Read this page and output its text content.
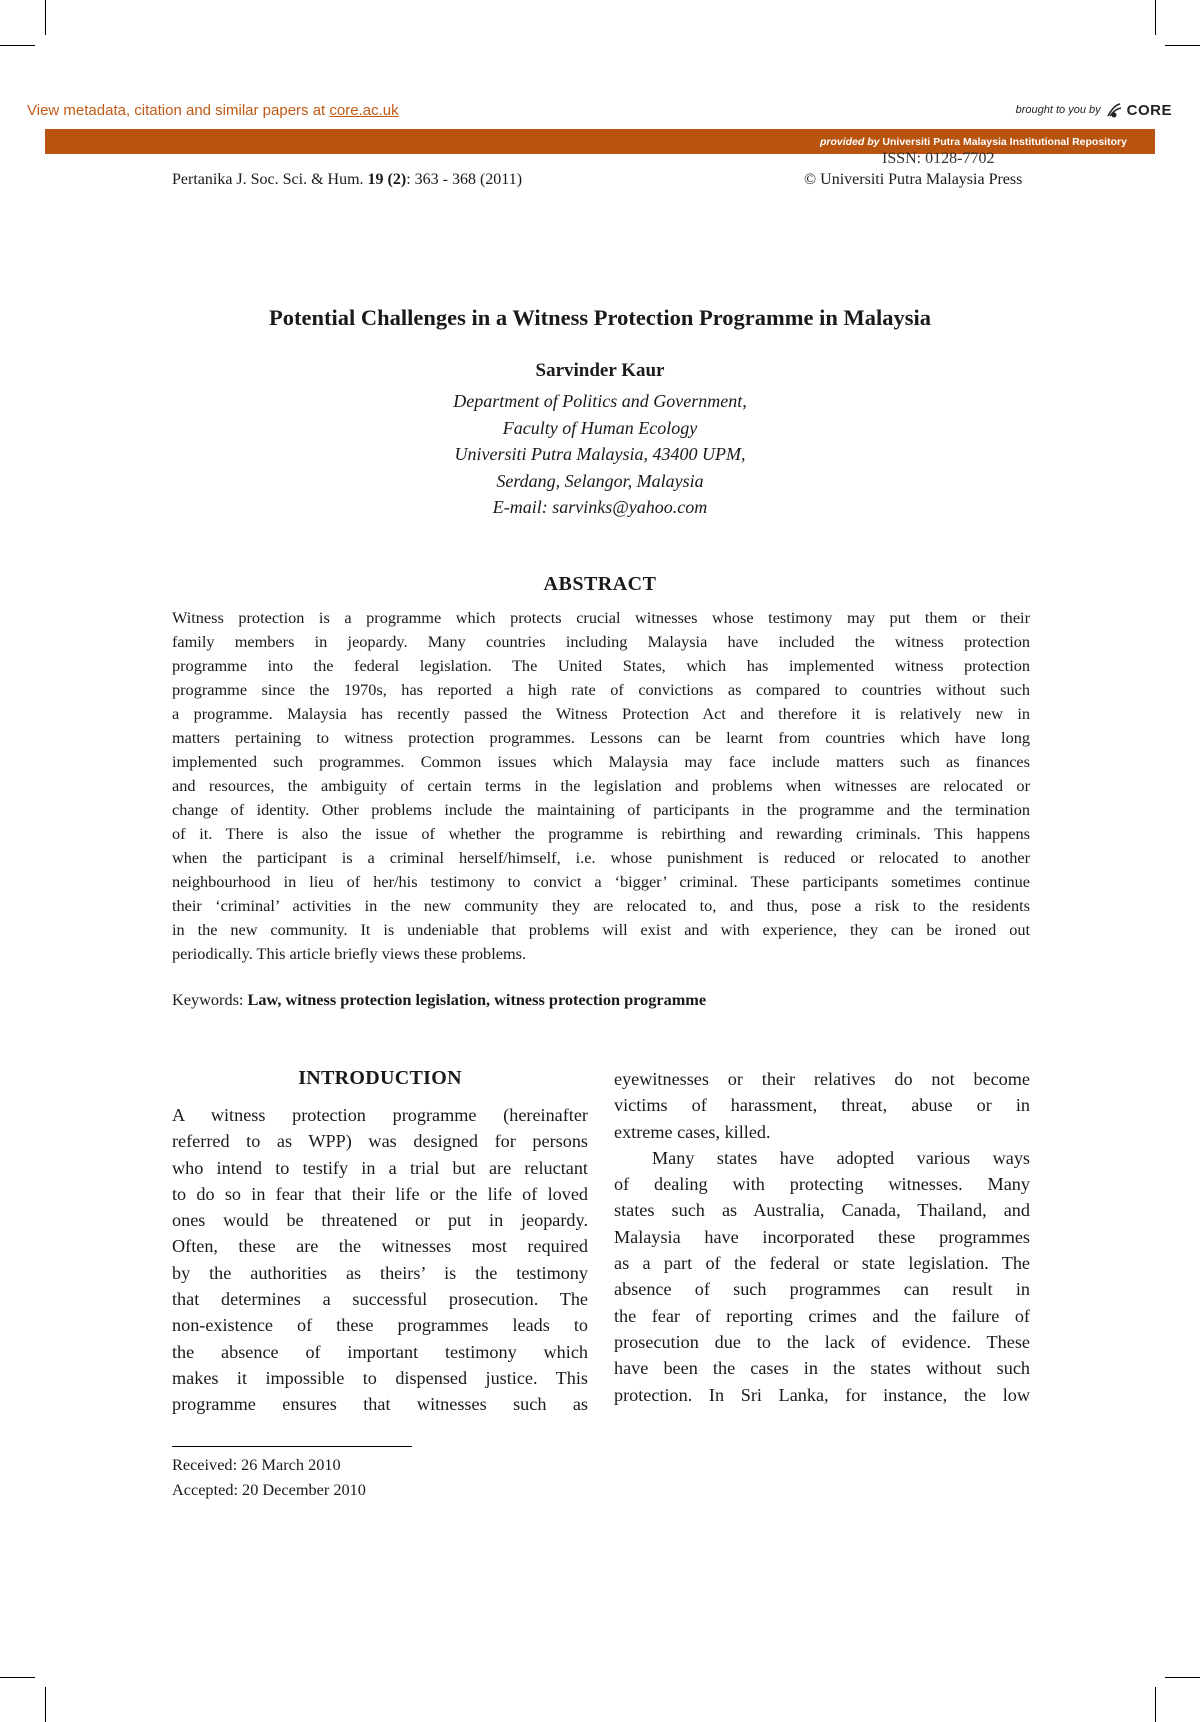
View metadata, citation and similar papers at core.ac.uk	brought to you by CORE
provided by Universiti Putra Malaysia Institutional Repository
ISSN: 0128-7702
Pertanika J. Soc. Sci. & Hum. 19 (2): 363 - 368 (2011)	© Universiti Putra Malaysia Press
Potential Challenges in a Witness Protection Programme in Malaysia
Sarvinder Kaur
Department of Politics and Government,
Faculty of Human Ecology
Universiti Putra Malaysia, 43400 UPM,
Serdang, Selangor, Malaysia
E-mail: sarvinks@yahoo.com
ABSTRACT
Witness protection is a programme which protects crucial witnesses whose testimony may put them or their
family members in jeopardy. Many countries including Malaysia have included the witness protection
programme into the federal legislation. The United States, which has implemented witness protection
programme since the 1970s, has reported a high rate of convictions as compared to countries without such
a programme. Malaysia has recently passed the Witness Protection Act and therefore it is relatively new in
matters pertaining to witness protection programmes. Lessons can be learnt from countries which have long
implemented such programmes. Common issues which Malaysia may face include matters such as finances
and resources, the ambiguity of certain terms in the legislation and problems when witnesses are relocated or
change of identity. Other problems include the maintaining of participants in the programme and the termination
of it. There is also the issue of whether the programme is rebirthing and rewarding criminals. This happens
when the participant is a criminal herself/himself, i.e. whose punishment is reduced or relocated to another
neighbourhood in lieu of her/his testimony to convict a ‘bigger’ criminal. These participants sometimes continue
their ‘criminal’ activities in the new community they are relocated to, and thus, pose a risk to the residents
in the new community. It is undeniable that problems will exist and with experience, they can be ironed out
periodically. This article briefly views these problems.
Keywords: Law, witness protection legislation, witness protection programme
INTRODUCTION
A witness protection programme (hereinafter
referred to as WPP) was designed for persons
who intend to testify in a trial but are reluctant
to do so in fear that their life or the life of loved
ones would be threatened or put in jeopardy.
Often, these are the witnesses most required
by the authorities as theirs’ is the testimony
that determines a successful prosecution. The
non-existence of these programmes leads to
the absence of important testimony which
makes it impossible to dispensed justice. This
programme ensures that witnesses such as
eyewitnesses or their relatives do not become
victims of harassment, threat, abuse or in
extreme cases, killed.
Many states have adopted various ways
of dealing with protecting witnesses. Many
states such as Australia, Canada, Thailand, and
Malaysia have incorporated these programmes
as a part of the federal or state legislation. The
absence of such programmes can result in
the fear of reporting crimes and the failure of
prosecution due to the lack of evidence. These
have been the cases in the states without such
protection. In Sri Lanka, for instance, the low
Received: 26 March 2010
Accepted: 20 December 2010
